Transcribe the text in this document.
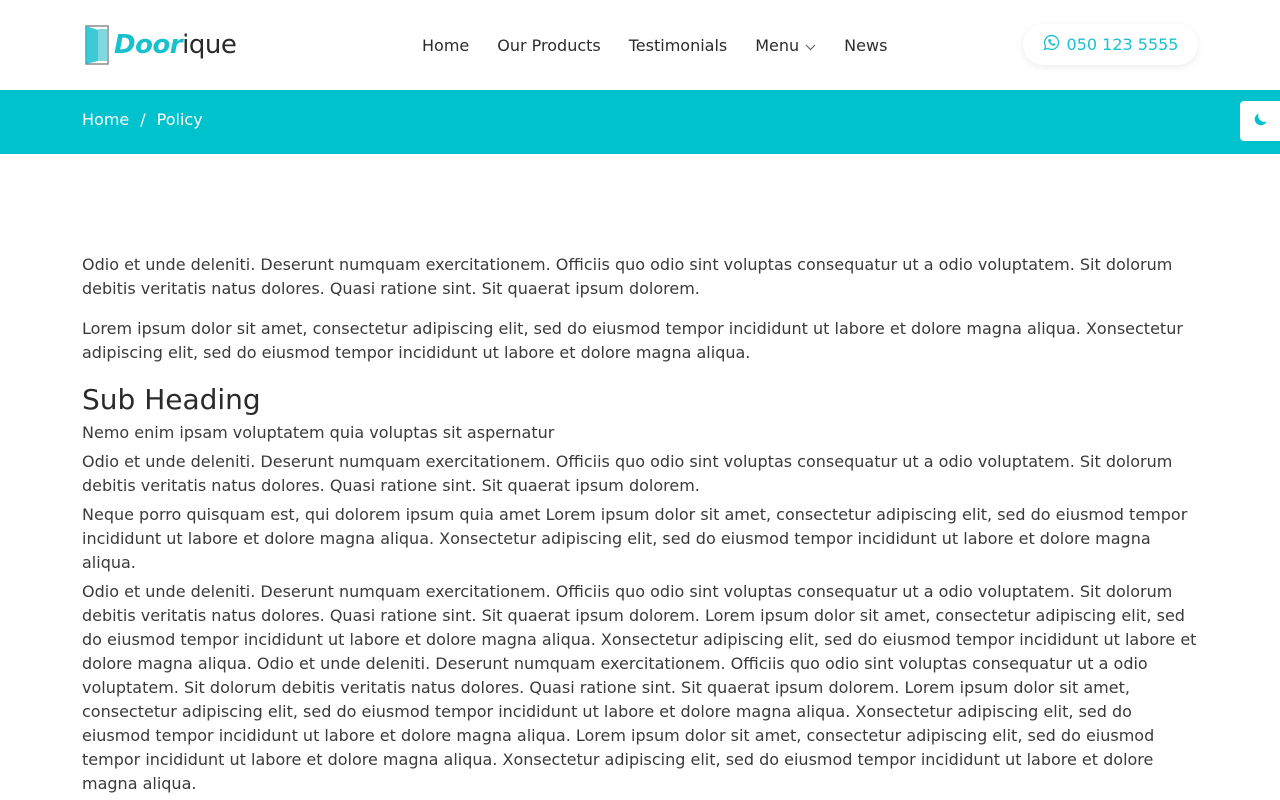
Doorique	Home Our Products Testimonials Menu	News	050 123 5555
Home / Policy

Odio et unde deleniti. Deserunt numquam exercitationem. Officiis quo odio sint voluptas consequatur ut a odio voluptatem. Sit dolorum debitis veritatis natus dolores. Quasi ratione sint. Sit quaerat ipsum dolorem.

Lorem ipsum dolor sit amet, consectetur adipiscing elit, sed do eiusmod tempor incididunt ut labore et dolore magna aliqua. Xonsectetur adipiscing elit, sed do eiusmod tempor incididunt ut labore et dolore magna aliqua.

Sub Heading

Nemo enim ipsam voluptatem quia voluptas sit aspernatur

Odio et unde deleniti. Deserunt numquam exercitationem. Officiis quo odio sint voluptas consequatur ut a odio voluptatem. Sit dolorum debitis veritatis natus dolores. Quasi ratione sint. Sit quaerat ipsum dolorem.

Neque porro quisquam est, qui dolorem ipsum quia amet Lorem ipsum dolor sit amet, consectetur adipiscing elit, sed do eiusmod tempor incididunt ut labore et dolore magna aliqua. Xonsectetur adipiscing elit, sed do eiusmod tempor incididunt ut labore et dolore magna aliqua.

Odio et unde deleniti. Deserunt numquam exercitationem. Officiis quo odio sint voluptas consequatur ut a odio voluptatem. Sit dolorum debitis veritatis natus dolores. Quasi ratione sint. Sit quaerat ipsum dolorem. Lorem ipsum dolor sit amet, consectetur adipiscing elit, sed do eiusmod tempor incididunt ut labore et dolore magna aliqua. Xonsectetur adipiscing elit, sed do eiusmod tempor incididunt ut labore et dolore magna aliqua. Odio et unde deleniti. Deserunt numquam exercitationem. Officiis quo odio sint voluptas consequatur ut a odio voluptatem. Sit dolorum debitis veritatis natus dolores. Quasi ratione sint. Sit quaerat ipsum dolorem. Lorem ipsum dolor sit amet, consectetur adipiscing elit, sed do eiusmod tempor incididunt ut labore et dolore magna aliqua. Xonsectetur adipiscing elit, sed do eiusmod tempor incididunt ut labore et dolore magna aliqua. Lorem ipsum dolor sit amet, consectetur adipiscing elit, sed do eiusmod tempor incididunt ut labore et dolore magna aliqua. Xonsectetur adipiscing elit, sed do eiusmod tempor incididunt ut labore et dolore magna aliqua.
